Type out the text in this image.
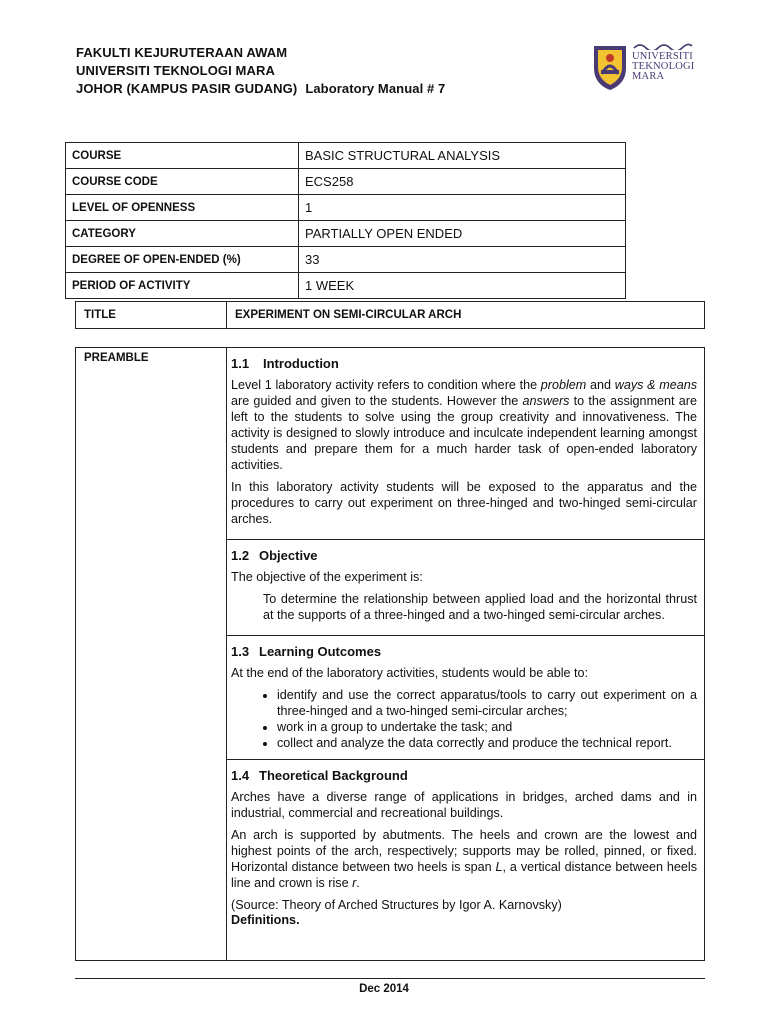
FAKULTI KEJURUTERAAN AWAM
UNIVERSITI TEKNOLOGI MARA
JOHOR (KAMPUS PASIR GUDANG) Laboratory Manual # 7
UNIVERSITI
TEKNOLOGI
MARA
COURSE	BASIC STRUCTURAL ANALYSIS
COURSE CODE	ECS258
LEVEL OF OPENNESS	1
CATEGORY	PARTIALLY OPEN ENDED
DEGREE OF OPEN-ENDED (%)	33
PERIOD OF ACTIVITY	1 WEEK
TITLE	EXPERIMENT ON SEMI-CIRCULAR ARCH
PREAMBLE	1.1 Introduction

Level 1 laboratory activity refers to condition where the problem and ways & means are guided and given to the students. However the answers to the assignment are left to the students to solve using the group creativity and innovativeness. The activity is designed to slowly introduce and inculcate independent learning amongst students and prepare them for a much harder task of open-ended laboratory activities.

In this laboratory activity students will be exposed to the apparatus and the procedures to carry out experiment on three-hinged and two-hinged semi-circular arches.

1.2 Objective

The objective of the experiment is:

To determine the relationship between applied load and the horizontal thrust at the supports of a three-hinged and a two-hinged semi-circular arches.

1.3 Learning Outcomes

At the end of the laboratory activities, students would be able to:

• identify and use the correct apparatus/tools to carry out experiment on a three-hinged and a two-hinged semi-circular arches;
• work in a group to undertake the task; and
• collect and analyze the data correctly and produce the technical report.
1.4 Theoretical Background

Arches have a diverse range of applications in bridges, arched dams and in industrial, commercial and recreational buildings.

An arch is supported by abutments. The heels and crown are the lowest and highest points of the arch, respectively; supports may be rolled, pinned, or fixed. Horizontal distance between two heels is span L, a vertical distance between heels line and crown is rise r.

(Source: Theory of Arched Structures by Igor A. Karnovsky)

Definitions.
Dec 2014
